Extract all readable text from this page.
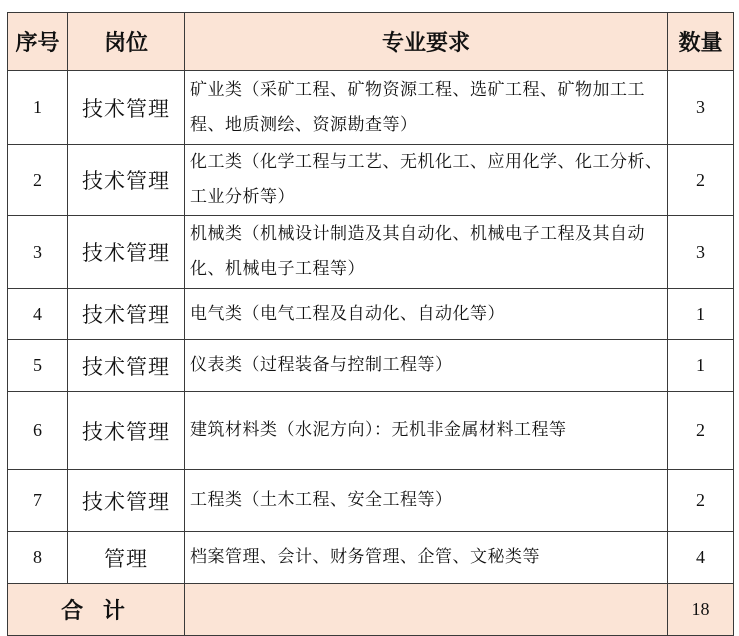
序号	岗位	专业要求	数量
1	技术管理	矿业类（采矿工程、矿物资源工程、选矿工程、矿物加工工程、地质测绘、资源勘查等）	3
2	技术管理	化工类（化学工程与工艺、无机化工、应用化学、化工分析、工业分析等）	2
3	技术管理	机械类（机械设计制造及其自动化、机械电子工程及其自动化、机械电子工程等）	3
4	技术管理	电气类（电气工程及自动化、自动化等）	1
5	技术管理	仪表类（过程装备与控制工程等）	1
6	技术管理	建筑材料类（水泥方向）：无机非金属材料工程等	2
7	技术管理	工程类（土木工程、安全工程等）	2
8	管理	档案管理、会计、财务管理、企管、文秘类等	4
合 计			18
